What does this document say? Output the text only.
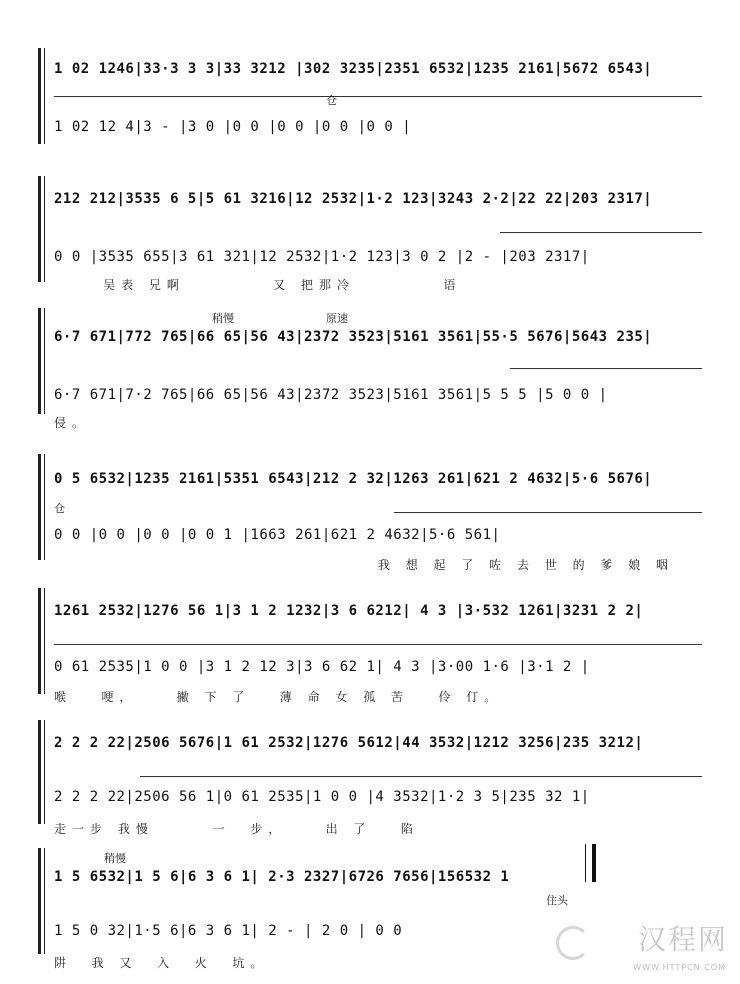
1 02 1246|33·3 3 3|33 3212 |302 3235|2351 6532|1235 2161|5672 6543|
仓
1 02 12 4|3 - |3 0 |0 0 |0 0 |0 0 |0 0 |
212 212|3535 6 5|5 61 3216|12 2532|1·2 123|3243 2·2|22 22|203 2317|
0 0 |3535 655|3 61 321|12 2532|1·2 123|3 0 2 |2 - |203 2317|
吴表 兄啊         又 把那冷         语
稍慢	原速
6·7 671|772 765|66 65|56 43|2372 3523|5161 3561|55·5 5676|5643 235|
6·7 671|7·2 765|66 65|56 43|2372 3523|5161 3561|5 5 5 |5 0 0 |
侵。
0 5 6532|1235 2161|5351 6543|212 2 32|1263 261|621 2 4632|5·6 5676|
仓
0 0 |0 0 |0 0 |0 0 1 |1663 261|621 2 4632|5·6 561|
我 想 起 了 咗 去 世 的 爹 娘 咽
1261 2532|1276 56 1|3 1 2 1232|3 6 6212| 4 3 |3·532 1261|3231 2 2|
0 61 2535|1 0 0 |3 1 2 12 3|3 6 62 1| 4 3 |3·00 1·6 |3·1 2 |
喉   哽，    撇 下 了   薄 命 女 孤 苦   伶 仃。
2 2 2 22|2506 5676|1 61 2532|1276 5612|44 3532|1212 3256|235 3212|
2 2 2 22|2506 56 1|0 61 2535|1 0 0 |4 3532|1·2 3 5|235 32 1|
走一步 我慢      一  步，    出 了   陷
稍慢
1 5 6532|1 5 6|6 3 6 1| 2·3 2327|6726 7656|156532 1
住头
1 5 0 32|1·5 6|6 3 6 1| 2 - | 2 0 | 0 0
阱  我 又  入  火  坑。
汉程网
WWW.HTTPCN.COM
